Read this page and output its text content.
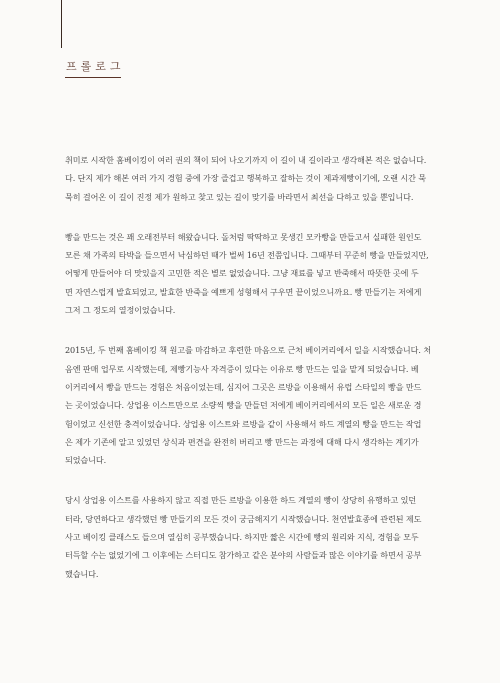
프롤로그

취미로 시작한 홈베이킹이 여러 권의 책이 되어 나오기까지 이 길이 내 길이라고 생각해본 적은 없습니다.
다. 단지 제가 해본 여러 가지 경험 중에 가장 즐겁고 행복하고 잘하는 것이 제과제빵이기에, 오랜 시간 묵
묵히 걸어온 이 길이 진정 제가 원하고 찾고 있는 길이 맞기를 바라면서 최선을 다하고 있을 뿐입니다.

빵을 만드는 것은 꽤 오래전부터 해왔습니다. 돌처럼 딱딱하고 못생긴 모카빵을 만들고서 실패한 원인도
모른 채 가족의 타박을 들으면서 낙심하던 때가 벌써 16년 전쯤입니다. 그때부터 꾸준히 빵을 만들었지만,
어떻게 만들어야 더 맛있을지 고민한 적은 별로 없었습니다. 그냥 재료를 넣고 반죽해서 따뜻한 곳에 두
면 자연스럽게 발효되었고, 발효한 반죽을 예쁘게 성형해서 구우면 끝이었으니까요. 빵 만들기는 저에게
그저 그 정도의 열정이었습니다.

2015년, 두 번째 홈베이킹 책 원고를 마감하고 후련한 마음으로 근처 베이커리에서 일을 시작했습니다. 처
음엔 판매 업무로 시작했는데, 제빵기능사 자격증이 있다는 이유로 빵 만드는 일을 맡게 되었습니다. 베
이커리에서 빵을 만드는 경험은 처음이었는데, 심지어 그곳은 르방을 이용해서 유럽 스타일의 빵을 만드
는 곳이었습니다. 상업용 이스트만으로 소량씩 빵을 만들던 저에게 베이커리에서의 모든 일은 새로운 경
험이었고 신선한 충격이었습니다. 상업용 이스트와 르방을 같이 사용해서 하드 계열의 빵을 만드는 작업
은 제가 기존에 알고 있었던 상식과 편견을 완전히 버리고 빵 만드는 과정에 대해 다시 생각하는 계기가
되었습니다.

당시 상업용 이스트를 사용하지 않고 직접 만든 르방을 이용한 하드 계열의 빵이 상당히 유행하고 있던
터라, 당연하다고 생각했던 빵 만들기의 모든 것이 궁금해지기 시작했습니다. 천연발효종에 관련된 제도
사고 베이킹 클래스도 들으며 열심히 공부했습니다. 하지만 짧은 시간에 빵의 원리와 지식, 경험을 모두
터득할 수는 없었기에 그 이후에는 스터디도 참가하고 같은 분야의 사람들과 많은 이야기를 하면서 공부
했습니다.
